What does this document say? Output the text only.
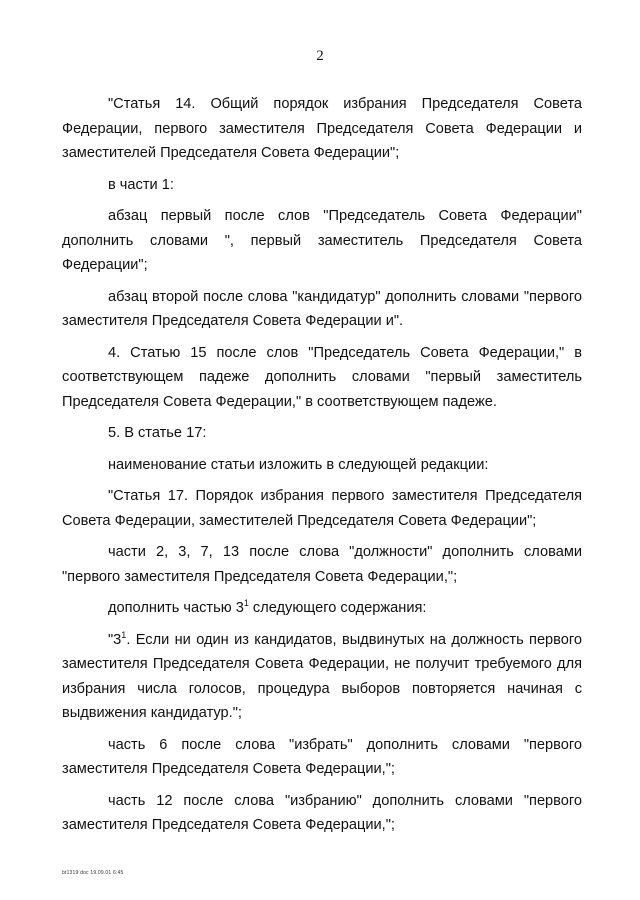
2

"Статья 14. Общий порядок избрания Председателя Совета Федерации, первого заместителя Председателя Совета Федерации и заместителей Председателя Совета Федерации";

в части 1:

абзац первый после слов "Председатель Совета Федерации" дополнить словами ", первый заместитель Председателя Совета Федерации";

абзац второй после слова "кандидатур" дополнить словами "первого заместителя Председателя Совета Федерации и".

4. Статью 15 после слов "Председатель Совета Федерации," в соответствующем падеже дополнить словами "первый заместитель Председателя Совета Федерации," в соответствующем падеже.

5. В статье 17:

наименование статьи изложить в следующей редакции:

"Статья 17. Порядок избрания первого заместителя Председателя Совета Федерации, заместителей Председателя Совета Федерации";

части 2, 3, 7, 13 после слова "должности" дополнить словами "первого заместителя Председателя Совета Федерации,";

дополнить частью $3^1$ следующего содержания:

"$3^1$. Если ни один из кандидатов, выдвинутых на должность первого заместителя Председателя Совета Федерации, не получит требуемого для избрания числа голосов, процедура выборов повторяется начиная с выдвижения кандидатур.";

часть 6 после слова "избрать" дополнить словами "первого заместителя Председателя Совета Федерации,";

часть 12 после слова "избранию" дополнить словами "первого заместителя Председателя Совета Федерации,";

bt1319 doc 19.09.01 6:45
